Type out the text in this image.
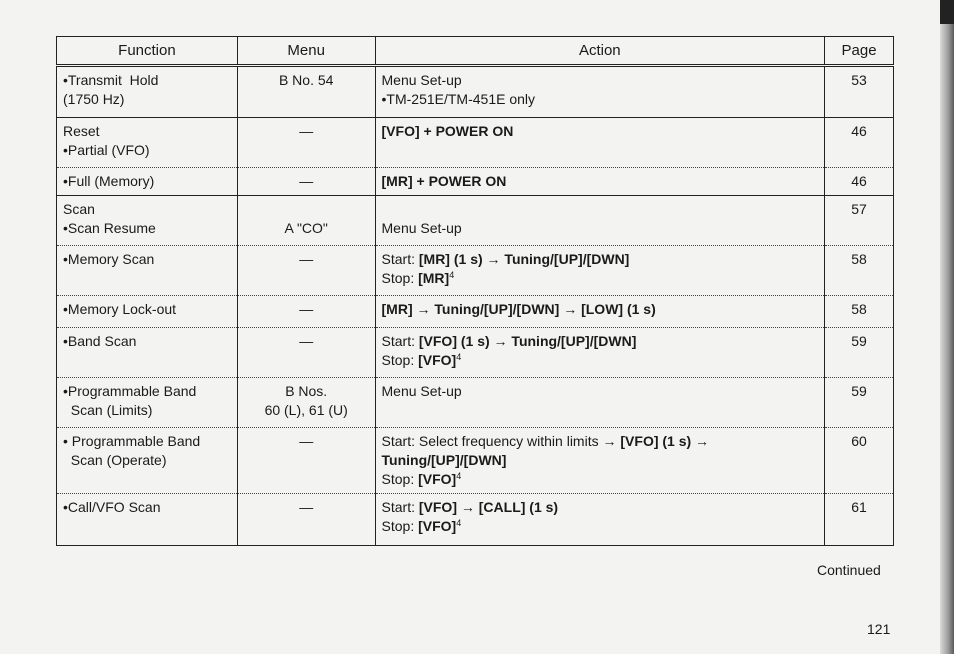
Function	Menu	Action	Page

•Transmit  Hold
(1750 Hz)	B No. 54	Menu Set-up
•TM-251E/TM-451E only	53

Reset
•Partial (VFO)	—	[VFO] + POWER ON	46

•Full (Memory)	—	[MR] + POWER ON	46

Scan
•Scan Resume	A "CO"	Menu Set-up	57

•Memory Scan	—	Start: [MR] (1 s) → Tuning/[UP]/[DWN]
Stop: [MR]$^4$	58

•Memory Lock-out	—	[MR] → Tuning/[UP]/[DWN] → [LOW] (1 s)	58

•Band Scan	—	Start: [VFO] (1 s) → Tuning/[UP]/[DWN]
Stop: [VFO]$^4$	59

•Programmable Band
Scan (Limits)	B Nos.
60 (L), 61 (U)	Menu Set-up	59

• Programmable Band
Scan (Operate)	—	Start: Select frequency within limits → [VFO] (1 s) →
Tuning/[UP]/[DWN]
Stop: [VFO]$^4$	60

•Call/VFO Scan	—	Start: [VFO] → [CALL] (1 s)
Stop: [VFO]$^4$	61
Continued
121
